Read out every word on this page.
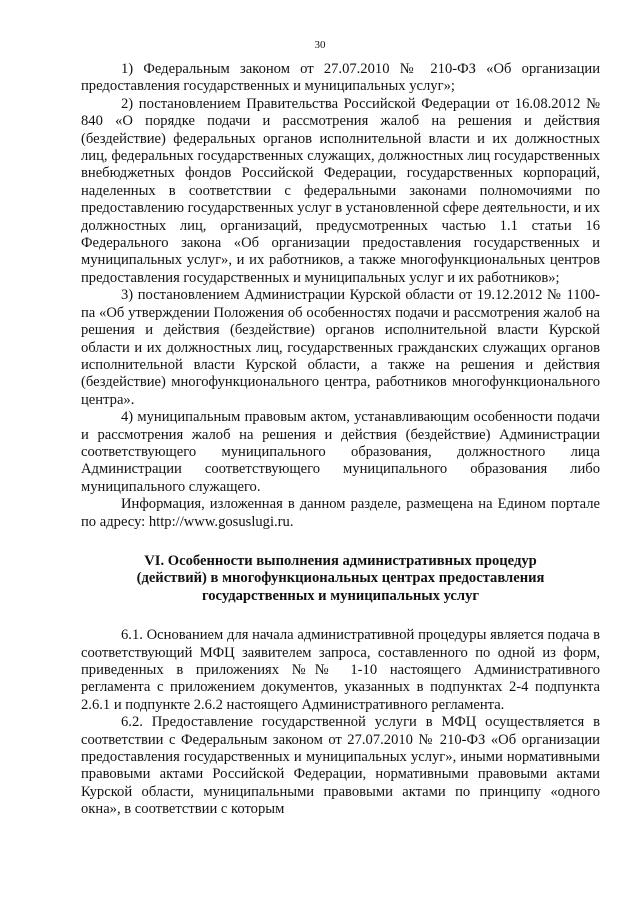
30

1) Федеральным законом от 27.07.2010 № 210-ФЗ «Об организации предоставления государственных и муниципальных услуг»;

2) постановлением Правительства Российской Федерации от 16.08.2012 № 840 «О порядке подачи и рассмотрения жалоб на решения и действия (бездействие) федеральных органов исполнительной власти и их должностных лиц, федеральных государственных служащих, должностных лиц государственных внебюджетных фондов Российской Федерации, государственных корпораций, наделенных в соответствии с федеральными законами полномочиями по предоставлению государственных услуг в установленной сфере деятельности, и их должностных лиц, организаций, предусмотренных частью 1.1 статьи 16 Федерального закона «Об организации предоставления государственных и муниципальных услуг», и их работников, а также многофункциональных центров предоставления государственных и муниципальных услуг и их работников»;

3) постановлением Администрации Курской области от 19.12.2012 № 1100-па «Об утверждении Положения об особенностях подачи и рассмотрения жалоб на решения и действия (бездействие) органов исполнительной власти Курской области и их должностных лиц, государственных гражданских служащих органов исполнительной власти Курской области, а также на решения и действия (бездействие) многофункционального центра, работников многофункционального центра».

4) муниципальным правовым актом, устанавливающим особенности подачи и рассмотрения жалоб на решения и действия (бездействие) Администрации соответствующего муниципального образования, должностного лица Администрации соответствующего муниципального образования либо муниципального служащего.

Информация, изложенная в данном разделе, размещена на Едином портале по адресу: http://www.gosuslugi.ru.

VI. Особенности выполнения административных процедур
(действий) в многофункциональных центрах предоставления
государственных и муниципальных услуг

6.1. Основанием для начала административной процедуры является подача в соответствующий МФЦ заявителем запроса, составленного по одной из форм, приведенных в приложениях №№ 1-10 настоящего Административного регламента с приложением документов, указанных в подпунктах 2-4 подпункта 2.6.1 и подпункте 2.6.2 настоящего Административного регламента.

6.2. Предоставление государственной услуги в МФЦ осуществляется в соответствии с Федеральным законом от 27.07.2010 № 210-ФЗ «Об организации предоставления государственных и муниципальных услуг», иными нормативными правовыми актами Российской Федерации, нормативными правовыми актами Курской области, муниципальными правовыми актами по принципу «одного окна», в соответствии с которым
